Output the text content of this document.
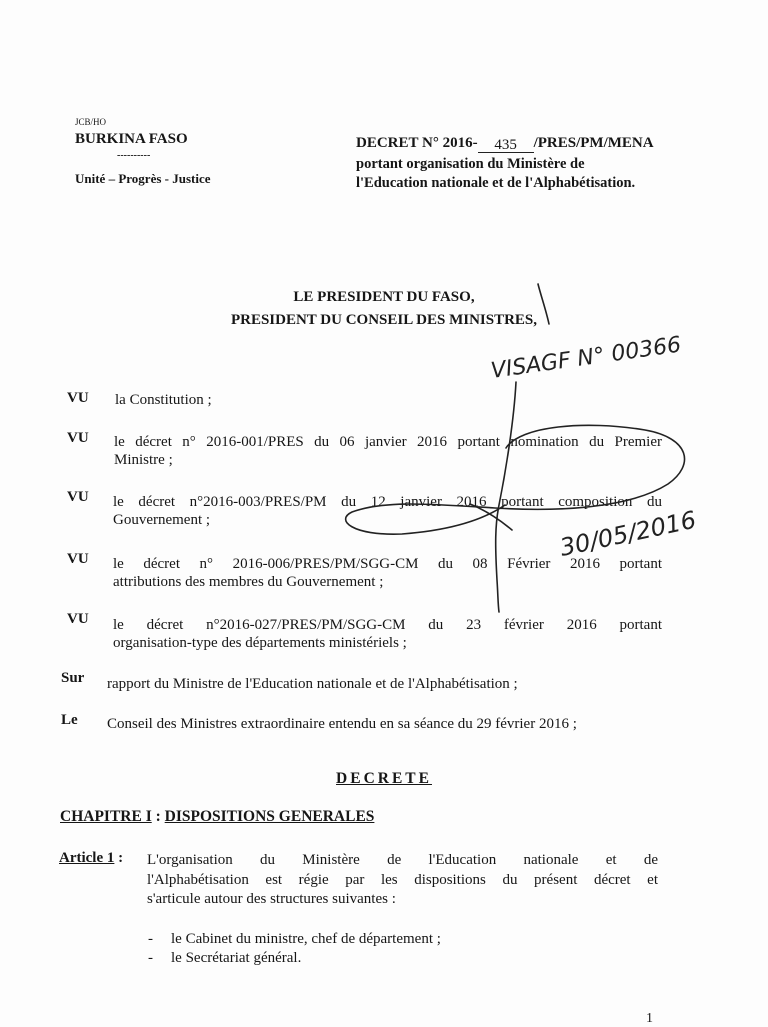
JCB/HO
BURKINA FASO
----------
Unité – Progrès - Justice
DECRET N° 2016- 435 /PRES/PM/MENA
portant organisation du Ministère de
l'Education nationale et de l'Alphabétisation.
LE PRESIDENT DU FASO,
PRESIDENT DU CONSEIL DES MINISTRES,
VU la Constitution ;
VU le décret n° 2016-001/PRES du 06 janvier 2016 portant nomination du Premier
Ministre ;
VU le décret n°2016-003/PRES/PM du 12 janvier 2016 portant composition du
Gouvernement ;
VU le décret n° 2016-006/PRES/PM/SGG-CM du 08 Février 2016 portant
attributions des membres du Gouvernement ;
VU le décret n°2016-027/PRES/PM/SGG-CM du 23 février 2016 portant
organisation-type des départements ministériels ;
Sur rapport du Ministre de l'Education nationale et de l'Alphabétisation ;
Le Conseil des Ministres extraordinaire entendu en sa séance du 29 février 2016 ;
VISAGF N° 00366
30/05/2016
DECRETE
CHAPITRE I : DISPOSITIONS GENERALES
Article 1 : L'organisation du Ministère de l'Education nationale et de
l'Alphabétisation est régie par les dispositions du présent décret et
s'articule autour des structures suivantes :
- le Cabinet du ministre, chef de département ;
- le Secrétariat général.
1
